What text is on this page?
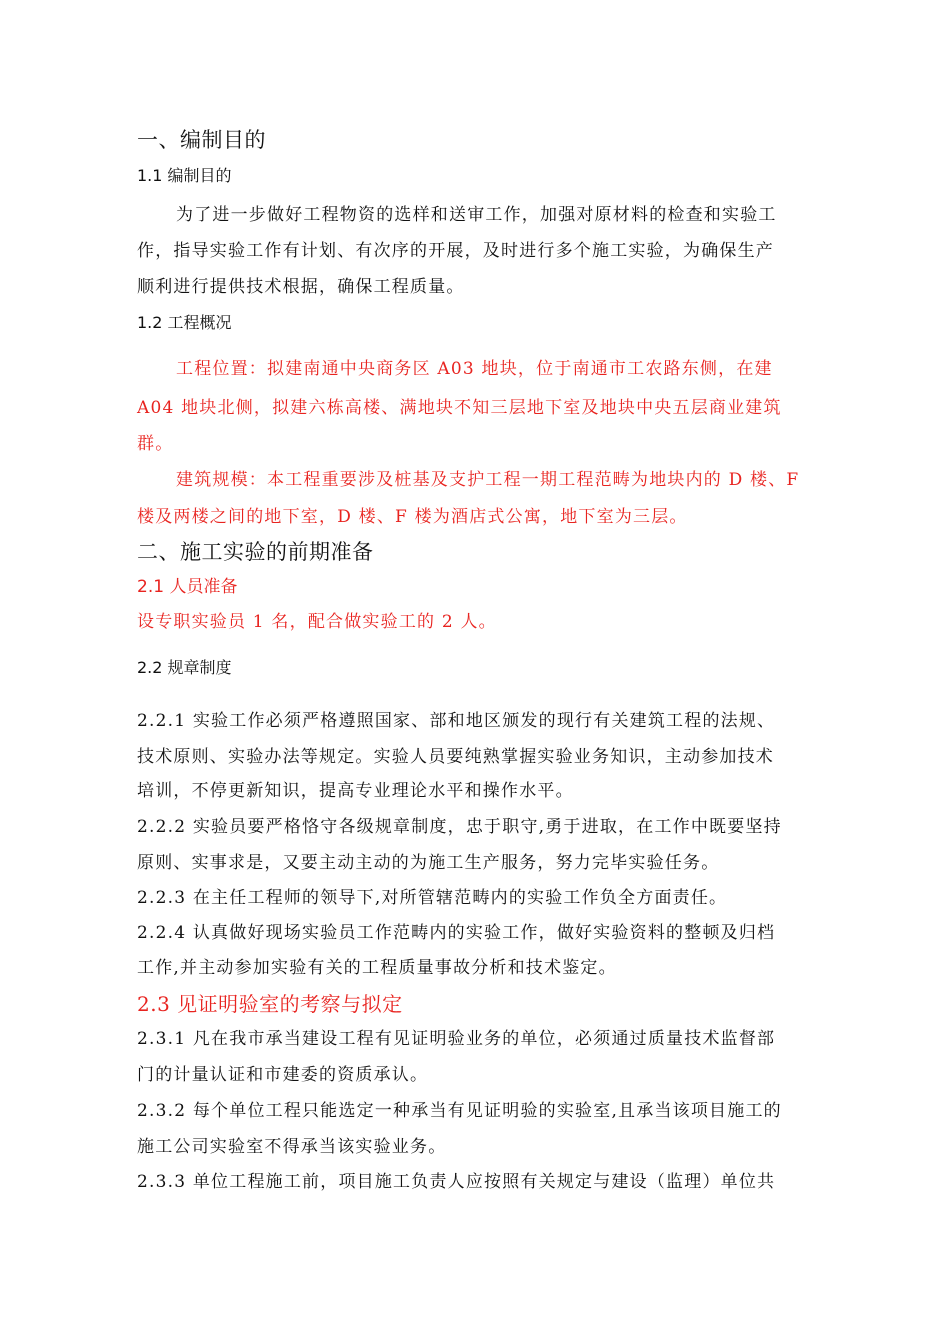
一、编制目的
1.1 编制目的
为了进一步做好工程物资的选样和送审工作，加强对原材料的检查和实验工
作，指导实验工作有计划、有次序的开展，及时进行多个施工实验，为确保生产
顺利进行提供技术根据，确保工程质量。
1.2 工程概况
工程位置：拟建南通中央商务区 A03 地块，位于南通市工农路东侧，在建
A04 地块北侧，拟建六栋高楼、满地块不知三层地下室及地块中央五层商业建筑
群。
建筑规模：本工程重要涉及桩基及支护工程一期工程范畴为地块内的 D 楼、F
楼及两楼之间的地下室，D 楼、F 楼为酒店式公寓，地下室为三层。
二、施工实验的前期准备
2.1 人员准备
设专职实验员 1 名，配合做实验工的 2 人。
2.2 规章制度
2.2.1 实验工作必须严格遵照国家、部和地区颁发的现行有关建筑工程的法规、
技术原则、实验办法等规定。实验人员要纯熟掌握实验业务知识，主动参加技术
培训，不停更新知识，提高专业理论水平和操作水平。
2.2.2 实验员要严格恪守各级规章制度，忠于职守,勇于进取，在工作中既要坚持
原则、实事求是，又要主动主动的为施工生产服务，努力完毕实验任务。
2.2.3 在主任工程师的领导下,对所管辖范畴内的实验工作负全方面责任。
2.2.4 认真做好现场实验员工作范畴内的实验工作，做好实验资料的整顿及归档
工作,并主动参加实验有关的工程质量事故分析和技术鉴定。
2.3 见证明验室的考察与拟定
2.3.1 凡在我市承当建设工程有见证明验业务的单位，必须通过质量技术监督部
门的计量认证和市建委的资质承认。
2.3.2 每个单位工程只能选定一种承当有见证明验的实验室,且承当该项目施工的
施工公司实验室不得承当该实验业务。
2.3.3 单位工程施工前，项目施工负责人应按照有关规定与建设（监理）单位共
